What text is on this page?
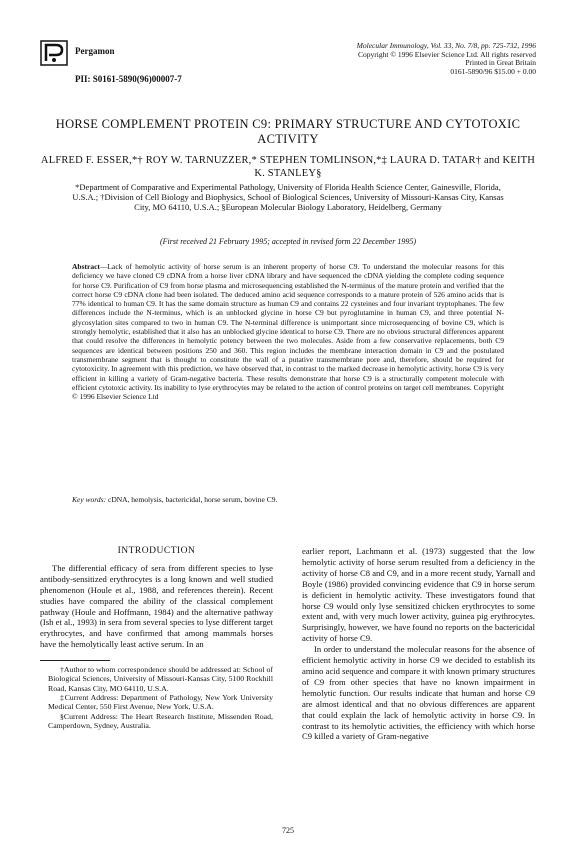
Pergamon
PII: S0161-5890(96)00007-7
Molecular Immunology, Vol. 33, No. 7/8, pp. 725-732, 1996
Copyright © 1996 Elsevier Science Ltd. All rights reserved
Printed in Great Britain
0161-5890/96 $15.00 + 0.00
HORSE COMPLEMENT PROTEIN C9: PRIMARY STRUCTURE AND CYTOTOXIC ACTIVITY
ALFRED F. ESSER,*† ROY W. TARNUZZER,* STEPHEN TOMLINSON,*‡ LAURA D. TATAR† and KEITH K. STANLEY§
*Department of Comparative and Experimental Pathology, University of Florida Health Science Center, Gainesville, Florida, U.S.A.; †Division of Cell Biology and Biophysics, School of Biological Sciences, University of Missouri-Kansas City, Kansas City, MO 64110, U.S.A.; §European Molecular Biology Laboratory, Heidelberg, Germany
(First received 21 February 1995; accepted in revised form 22 December 1995)
Abstract—Lack of hemolytic activity of horse serum is an inherent property of horse C9. To understand the molecular reasons for this deficiency we have cloned C9 cDNA from a horse liver cDNA library and have sequenced the cDNA yielding the complete coding sequence for horse C9. Purification of C9 from horse plasma and microsequencing established the N-terminus of the mature protein and verified that the correct horse C9 cDNA clone had been isolated. The deduced amino acid sequence corresponds to a mature protein of 526 amino acids that is 77% identical to human C9. It has the same domain structure as human C9 and contains 22 cysteines and four invariant tryptophanes. The few differences include the N-terminus, which is an unblocked glycine in horse C9 but pyroglutamine in human C9, and three potential N-glycosylation sites compared to two in human C9. The N-terminal difference is unimportant since microsequencing of bovine C9, which is strongly hemolytic, established that it also has an unblocked glycine identical to horse C9. There are no obvious structural differences apparent that could resolve the differences in hemolytic potency between the two molecules. Aside from a few conservative replacements, both C9 sequences are identical between positions 250 and 360. This region includes the membrane interaction domain in C9 and the postulated transmembrane segment that is thought to constitute the wall of a putative transmembrane pore and, therefore, should be required for cytotoxicity. In agreement with this prediction, we have observed that, in contrast to the marked decrease in hemolytic activity, horse C9 is very efficient in killing a variety of Gram-negative bacteria. These results demonstrate that horse C9 is a structurally competent molecule with efficient cytotoxic activity. Its inability to lyse erythrocytes may be related to the action of control proteins on target cell membranes. Copyright © 1996 Elsevier Science Ltd
Key words: cDNA, hemolysis, bactericidal, horse serum, bovine C9.
INTRODUCTION

The differential efficacy of sera from different species to lyse antibody-sensitized erythrocytes is a long known and well studied phenomenon (Houle et al., 1988, and references therein). Recent studies have compared the ability of the classical complement pathway (Houle and Hoffmann, 1984) and the alternative pathway (Ish et al., 1993) in sera from several species to lyse different target erythrocytes, and have confirmed that among mammals horses have the hemolytically least active serum. In an

†Author to whom correspondence should be addressed at: School of Biological Sciences, University of Missouri-Kansas City, 5100 Rockhill Road, Kansas City, MO 64110, U.S.A.

‡Current Address: Department of Pathology, New York University Medical Center, 550 First Avenue, New York, U.S.A.

§Current Address: The Heart Research Institute, Missenden Road, Camperdown, Sydney, Australia.

earlier report, Lachmann et al. (1973) suggested that the low hemolytic activity of horse serum resulted from a deficiency in the activity of horse C8 and C9, and in a more recent study, Yarnall and Boyle (1986) provided convincing evidence that C9 in horse serum is deficient in hemolytic activity. These investigators found that horse C9 would only lyse sensitized chicken erythrocytes to some extent and, with very much lower activity, guinea pig erythrocytes. Surprisingly, however, we have found no reports on the bactericidal activity of horse C9.

In order to understand the molecular reasons for the absence of efficient hemolytic activity in horse C9 we decided to establish its amino acid sequence and compare it with known primary structures of C9 from other species that have no known impairment in hemolytic function. Our results indicate that human and horse C9 are almost identical and that no obvious differences are apparent that could explain the lack of hemolytic activity in horse C9. In contrast to its hemolytic activities, the efficiency with which horse C9 killed a variety of Gram-negative

725
